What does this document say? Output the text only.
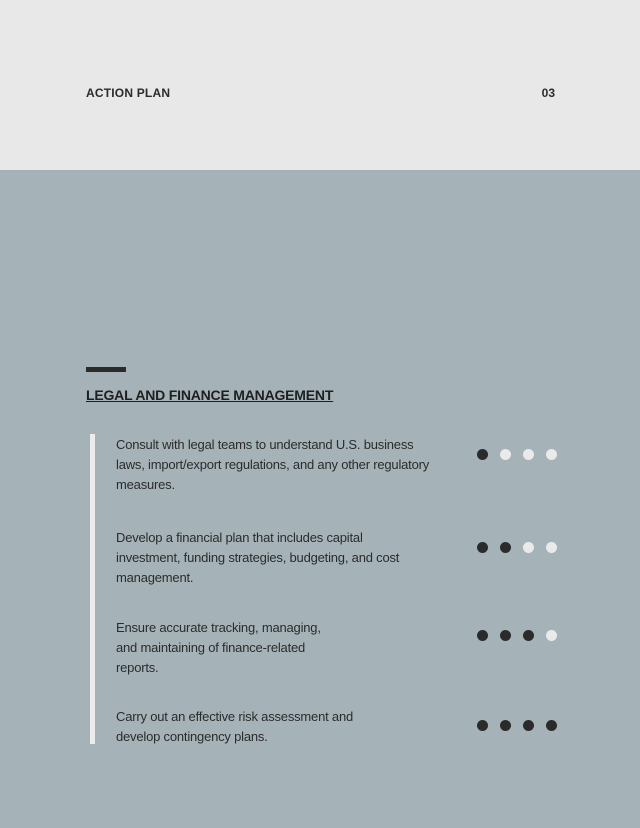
ACTION PLAN	03
LEGAL AND FINANCE MANAGEMENT
Consult with legal teams to understand U.S. business laws, import/export regulations, and any other regulatory measures.
Develop a financial plan that includes capital investment, funding strategies, budgeting, and cost management.
Ensure accurate tracking, managing, and maintaining of finance-related reports.
Carry out an effective risk assessment and develop contingency plans.
